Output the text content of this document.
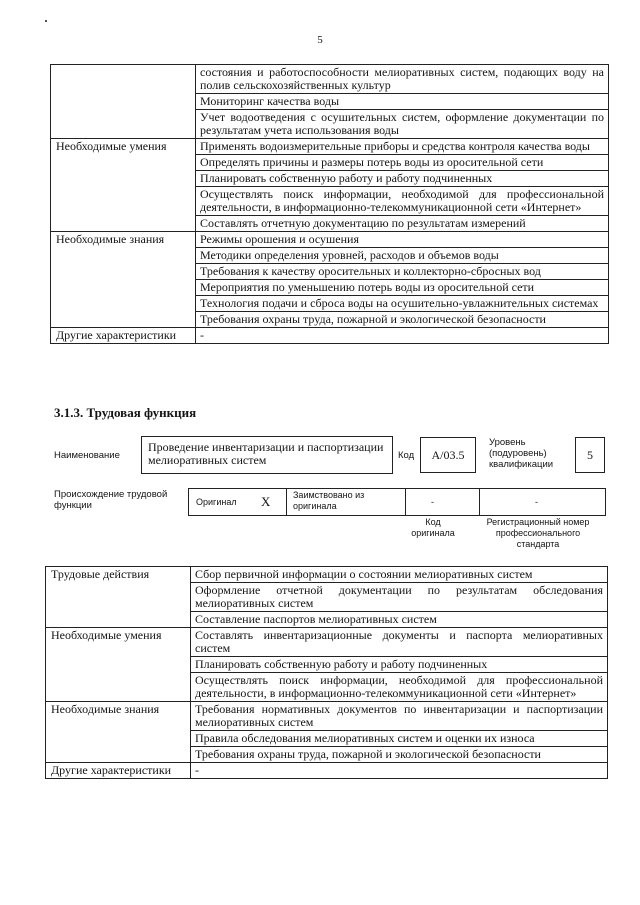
5
	состояния и работоспособности мелиоративных систем, подающих воду на полив сельскохозяйственных культур
	Мониторинг качества воды
	Учет водоотведения с осушительных систем, оформление документации по результатам учета использования воды
Необходимые умения	Применять водоизмерительные приборы и средства контроля качества воды
	Определять причины и размеры потерь воды из оросительной сети
	Планировать собственную работу и работу подчиненных
	Осуществлять поиск информации, необходимой для профессиональной деятельности, в информационно-телекоммуникационной сети «Интернет»
	Составлять отчетную документацию по результатам измерений
Необходимые знания	Режимы орошения и осушения
	Методики определения уровней, расходов и объемов воды
	Требования к качеству оросительных и коллекторно-сбросных вод
	Мероприятия по уменьшению потерь воды из оросительной сети
	Технология подачи и сброса воды на осушительно-увлажнительных системах
	Требования охраны труда, пожарной и экологической безопасности
Другие характеристики	-
3.1.3. Трудовая функция
Наименование
Проведение инвентаризации и паспортизации мелиоративных систем	Код	A/03.5
Уровень (подуровень) квалификации
5
Происхождение трудовой функции	Оригинал X	Заимствовано из оригинала	-	-
Код оригинала
Регистрационный номер профессионального стандарта
Трудовые действия	Сбор первичной информации о состоянии мелиоративных систем
	Оформление отчетной документации по результатам обследования мелиоративных систем
	Составление паспортов мелиоративных систем
Необходимые умения	Составлять инвентаризационные документы и паспорта мелиоративных систем
	Планировать собственную работу и работу подчиненных
	Осуществлять поиск информации, необходимой для профессиональной деятельности, в информационно-телекоммуникационной сети «Интернет»
Необходимые знания	Требования нормативных документов по инвентаризации и паспортизации мелиоративных систем
	Правила обследования мелиоративных систем и оценки их износа
	Требования охраны труда, пожарной и экологической безопасности
Другие характеристики	-
